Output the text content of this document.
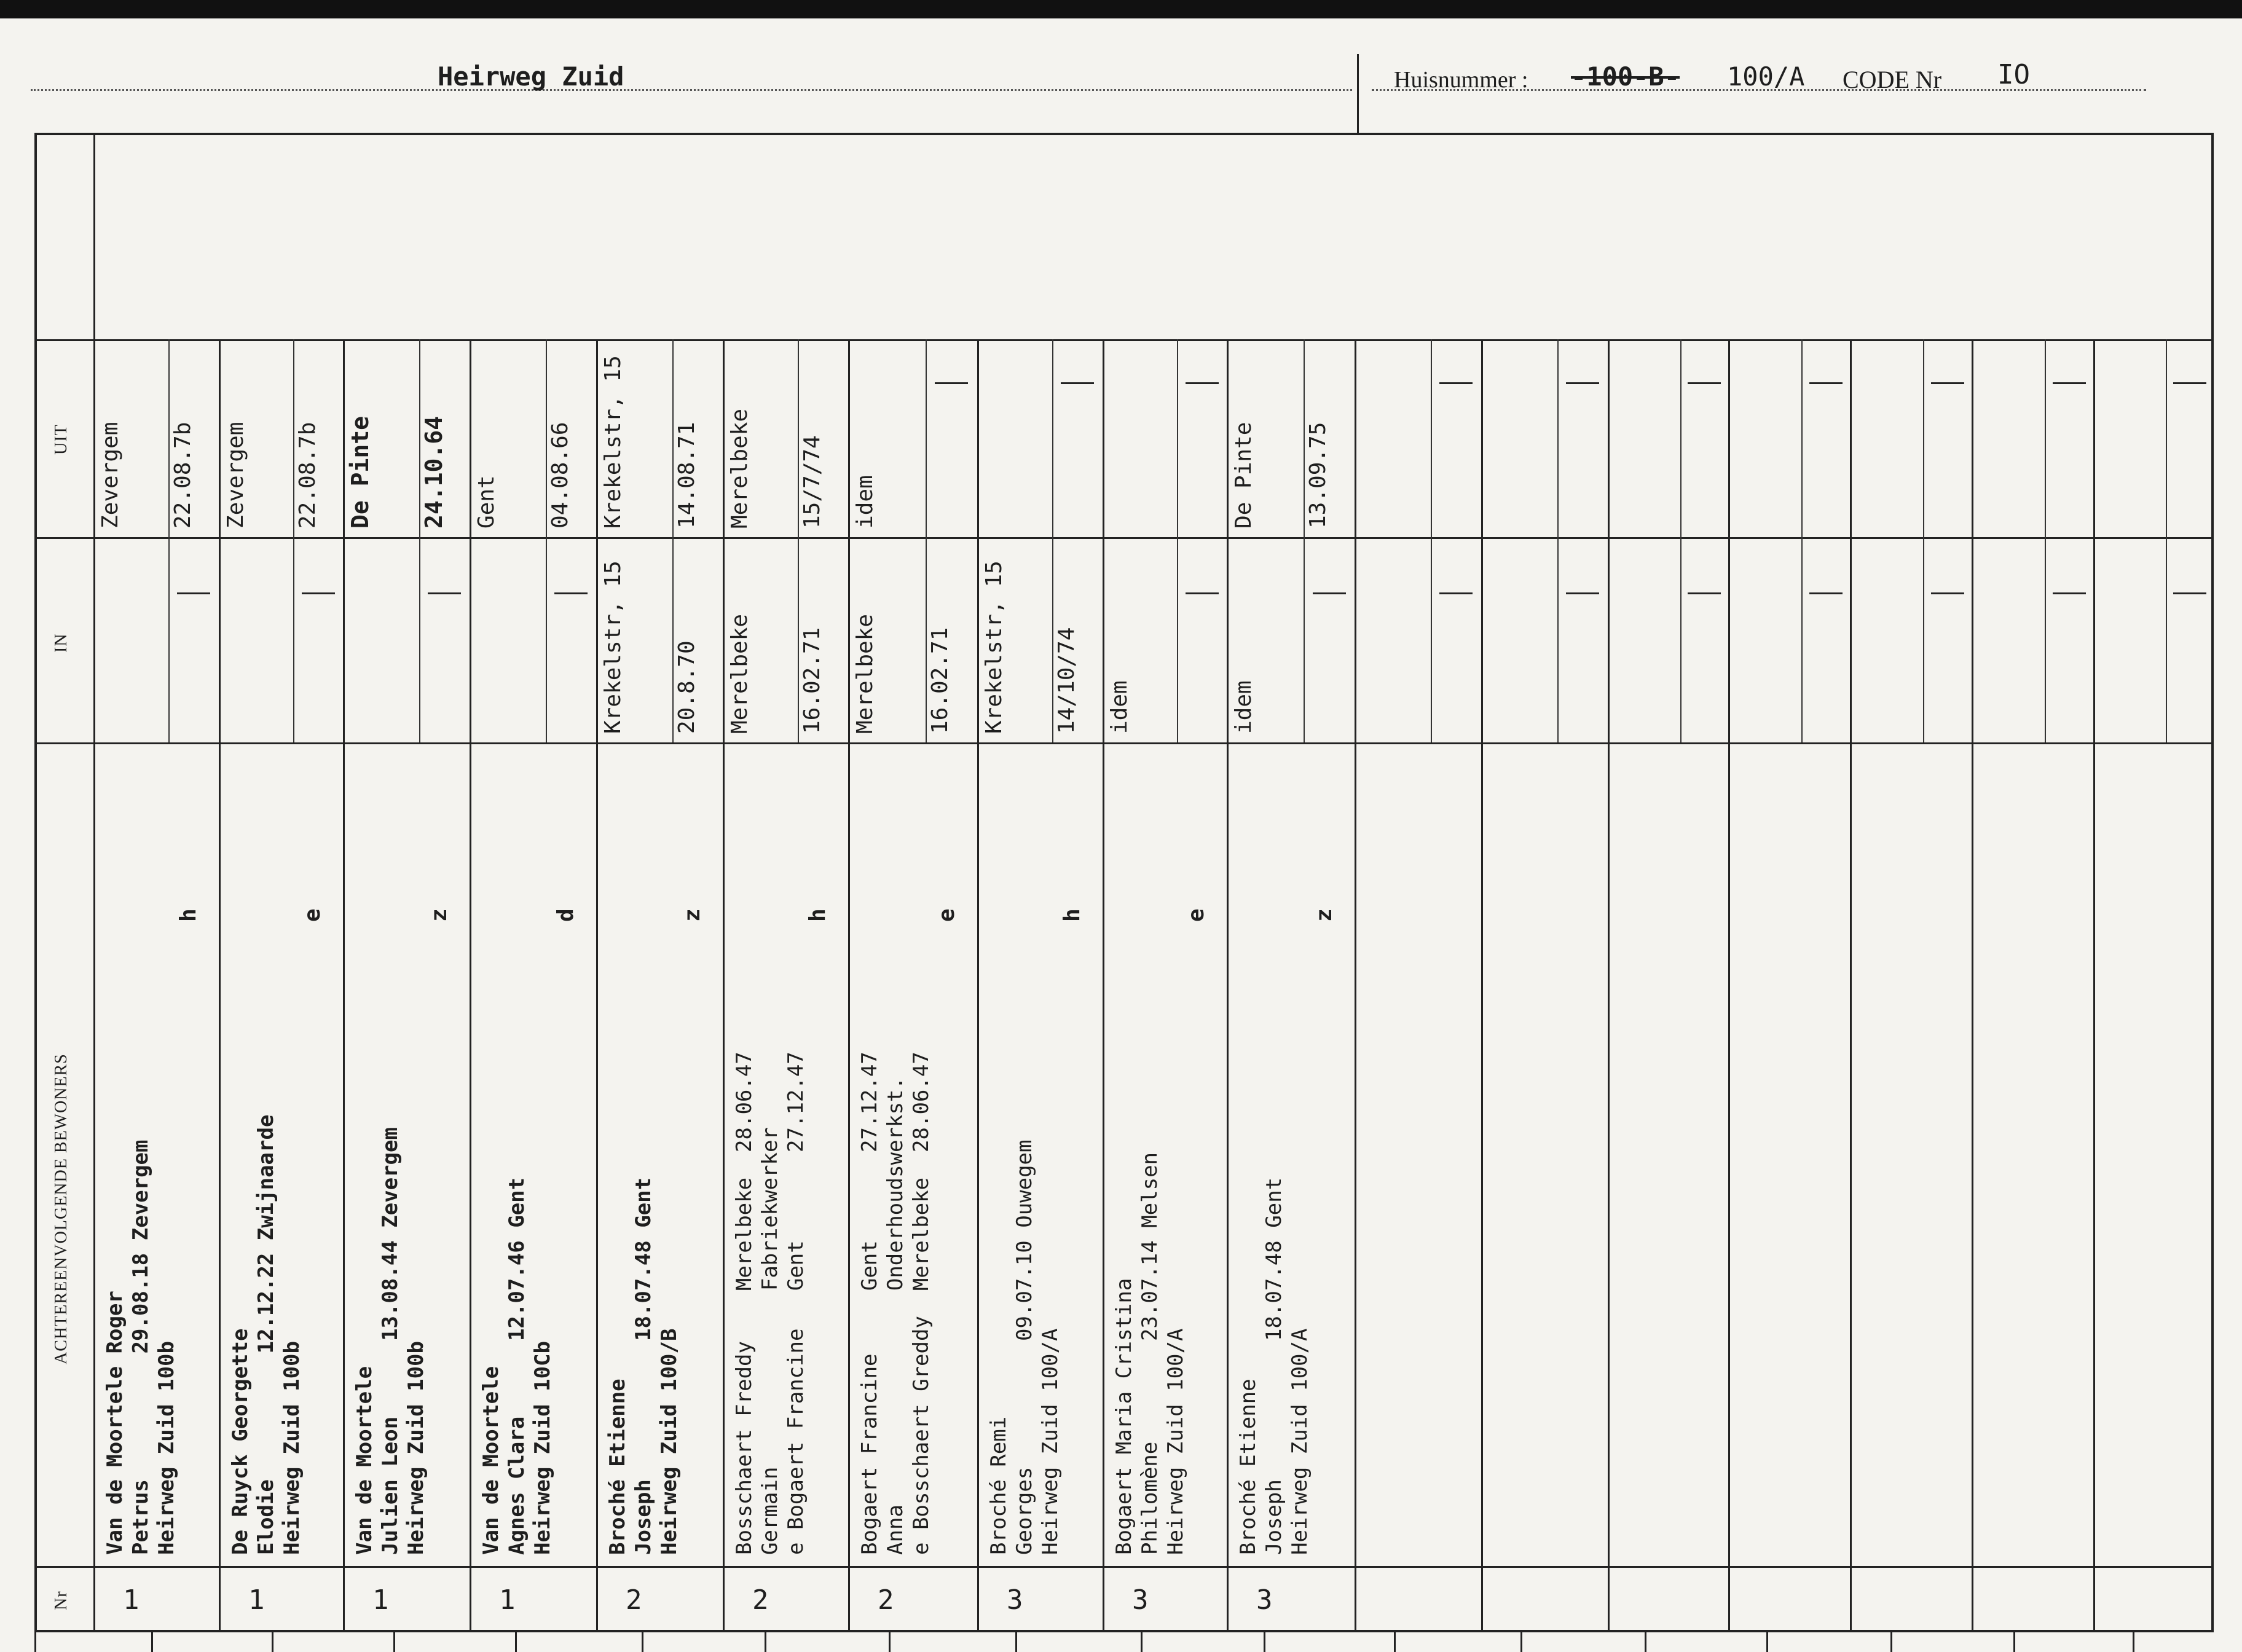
Heirweg Zuid	Huisnummer : -100-B- 100/A CODE Nr IO
Nr
ACHTEREENVOLGENDE BEWONERS
IN
UIT
1
Van de Moortele Roger
Petrus          29.08.18 Zevergem
Heirweg Zuid 100b
h
Zevergem 22.08.7b
1
De Ruyck Georgette
Elodie          12.12.22 Zwijnaarde
Heirweg Zuid 100b
e
Zevergem 22.08.7b
1
Van de Moortele
Julien Leon      13.08.44 Zevergem
Heirweg Zuid 100b
z
De Pinte 24.10.64
1
Van de Moortele
Agnes Clara      12.07.46 Gent
Heirweg Zuid 10Cb
d
Gent 04.08.66
2
Broché Etienne
Joseph           18.07.48 Gent
Heirweg Zuid 100/B
z
Krekelstr, 15 20.8.70
Krekelstr, 15 14.08.71
2
Bosschaert Freddy    Merelbeke  28.06.47
Germain              Fabriekwerker
e Bogaert Francine   Gent       27.12.47
h
Merelbeke 16.02.71
Merelbeke 15/7/74
2
Bogaert Francine     Gent       27.12.47
Anna                 Onderhoudswerkst.
e Bosschaert Greddy  Merelbeke  28.06.47
e
Merelbeke 16.02.71
idem
3
Broché Remi
Georges          09.07.10 Ouwegem
Heirweg Zuid 100/A
h
Krekelstr, 15 14/10/74
3
Bogaert Maria Cristina
Philomène        23.07.14 Melsen
Heirweg Zuid 100/A
e
idem
3
Broché Etienne
Joseph           18.07.48 Gent
Heirweg Zuid 100/A
z
idem
De Pinte 13.09.75
